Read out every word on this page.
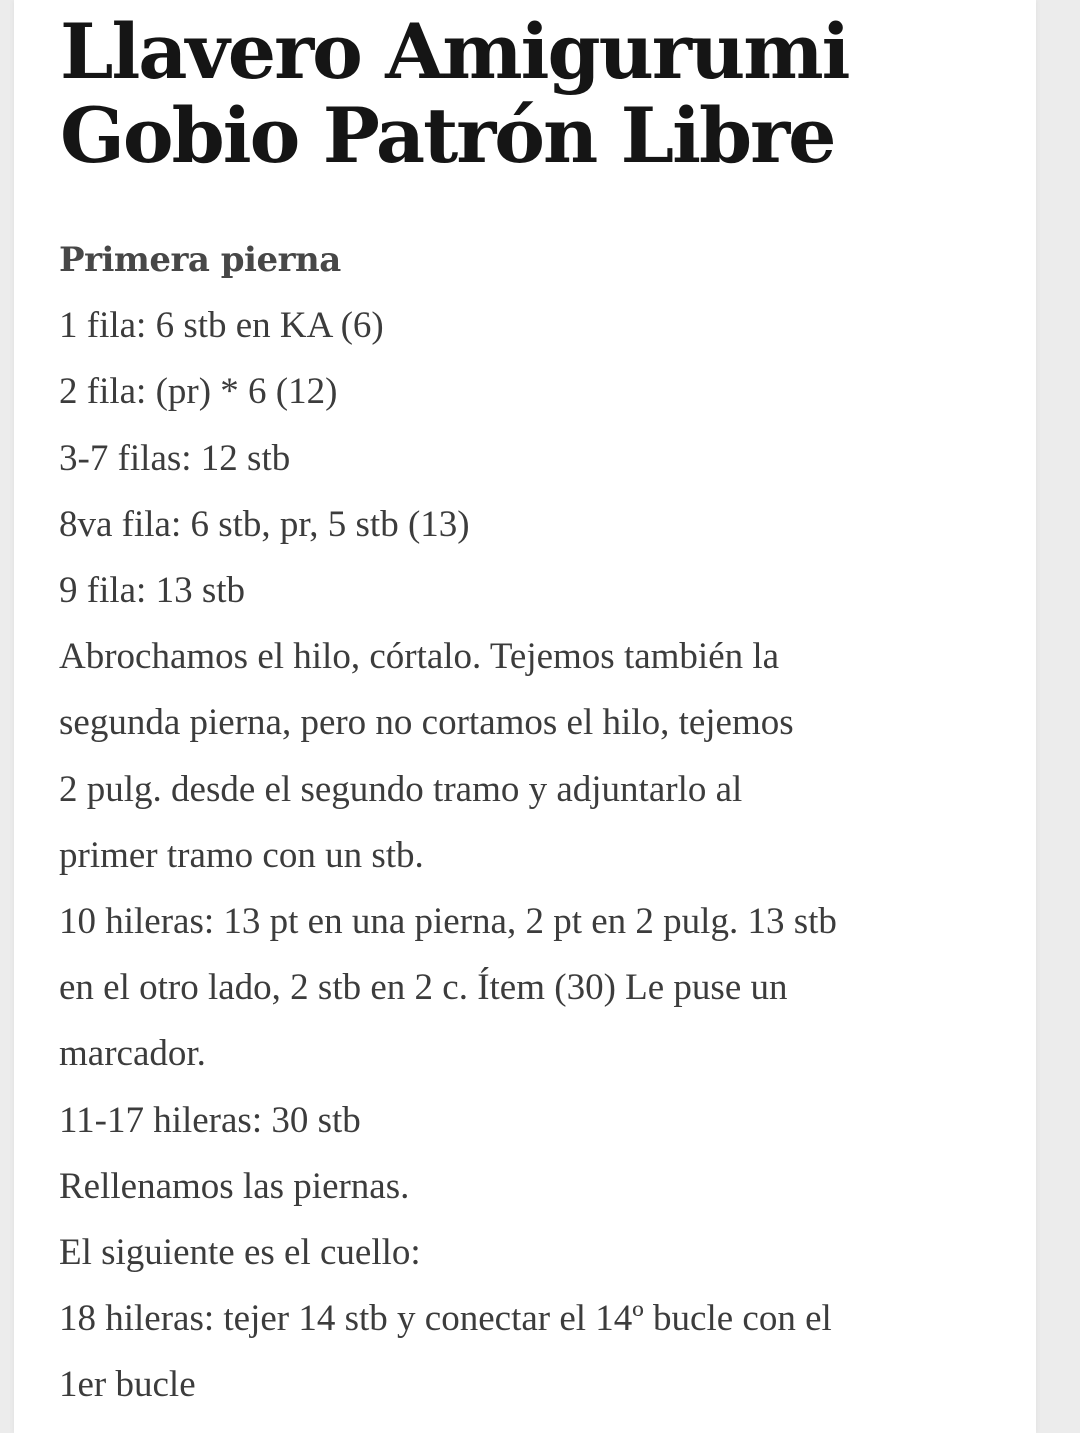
Llavero Amigurumi
Gobio Patrón Libre
Primera pierna
1 fila: 6 stb en KA (6)
2 fila: (pr) * 6 (12)
3-7 filas: 12 stb
8va fila: 6 stb, pr, 5 stb (13)
9 fila: 13 stb
Abrochamos el hilo, córtalo. Tejemos también la
segunda pierna, pero no cortamos el hilo, tejemos
2 pulg. desde el segundo tramo y adjuntarlo al
primer tramo con un stb.
10 hileras: 13 pt en una pierna, 2 pt en 2 pulg. 13 stb
en el otro lado, 2 stb en 2 c. Ítem (30) Le puse un
marcador.
11-17 hileras: 30 stb
Rellenamos las piernas.
El siguiente es el cuello:
18 hileras: tejer 14 stb y conectar el 14º bucle con el
1er bucle
